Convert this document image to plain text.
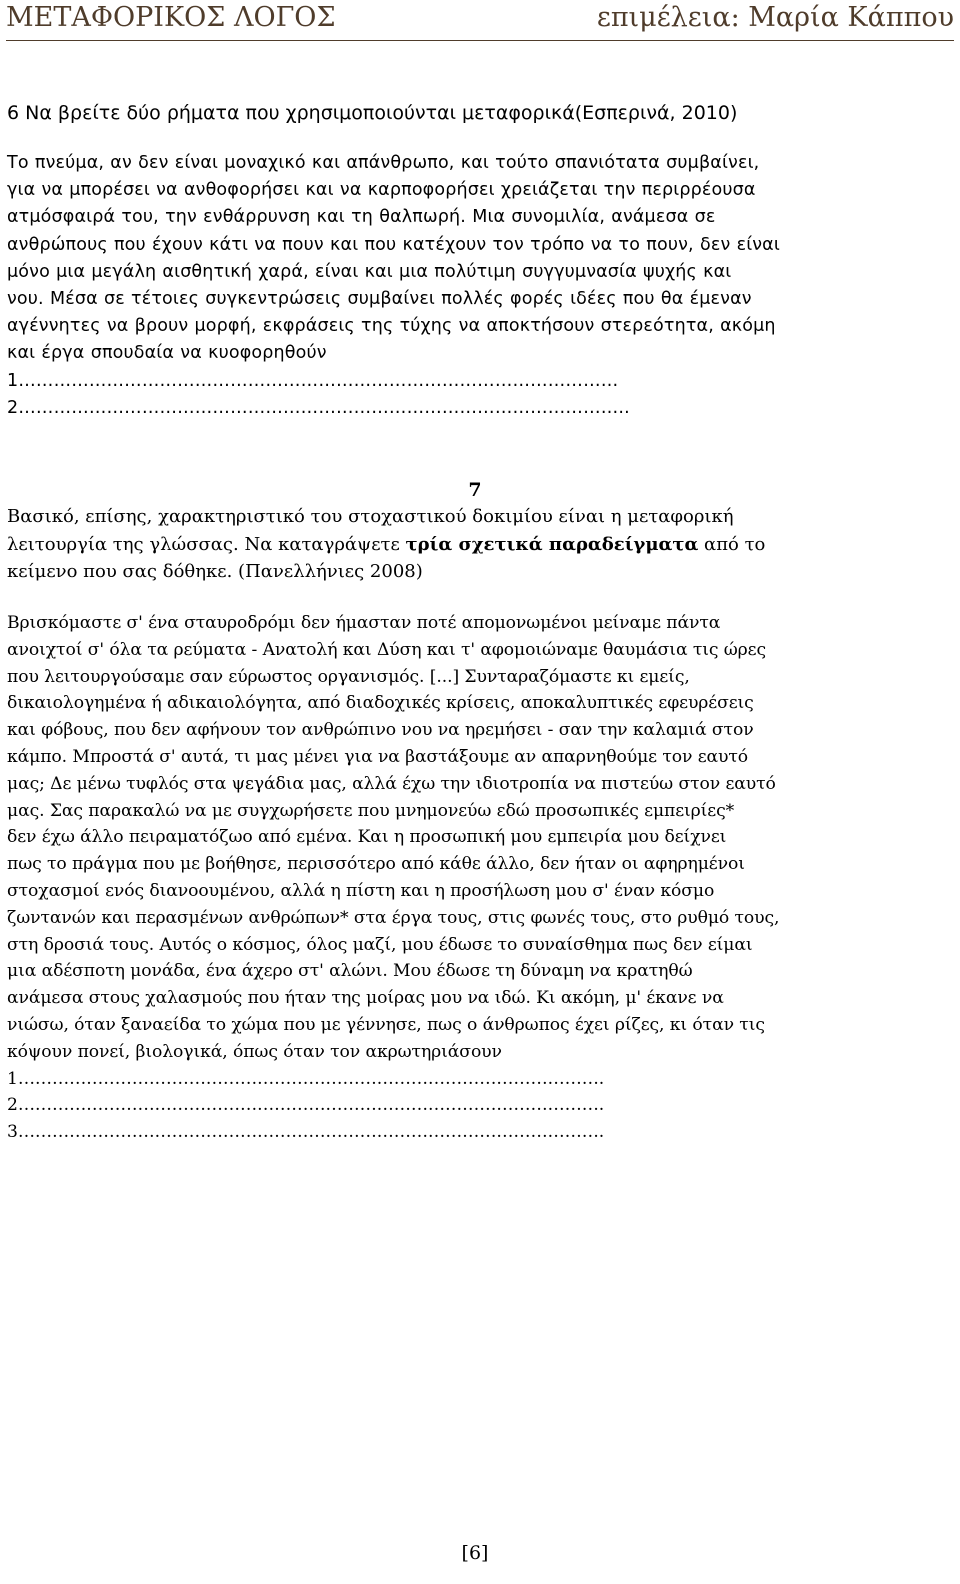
ΜΕΤΑΦΟΡΙΚΟΣ ΛΟΓΟΣ	επιμέλεια: Μαρία Κάππου
6 Να βρείτε δύο ρήματα που χρησιμοποιούνται μεταφορικά(Εσπερινά, 2010)
Το πνεύμα, αν δεν είναι μοναχικό και απάνθρωπο, και τούτο σπανιότατα συμβαίνει,
για να μπορέσει να ανθοφορήσει και να καρποφορήσει χρειάζεται την περιρρέουσα
ατμόσφαιρά του, την ενθάρρυνση και τη θαλπωρή. Μια συνομιλία, ανάμεσα σε
ανθρώπους που έχουν κάτι να πουν και που κατέχουν τον τρόπο να το πουν, δεν είναι
μόνο μια μεγάλη αισθητική χαρά, είναι και μια πολύτιμη συγγυμνασία ψυχής και
νου. Μέσα σε τέτοιες συγκεντρώσεις συμβαίνει πολλές φορές ιδέες που θα έμεναν
αγέννητες να βρουν μορφή, εκφράσεις της τύχης να αποκτήσουν στερεότητα, ακόμη
και έργα σπουδαία να κυοφορηθούν
1…………………………………………………………………………………………
2…………………………………………………………………………………………..
7
Βασικό, επίσης, χαρακτηριστικό του στοχαστικού δοκιμίου είναι η μεταφορική
λειτουργία της γλώσσας. Να καταγράψετε τρία σχετικά παραδείγματα από το
κείμενο που σας δόθηκε. (Πανελλήνιες 2008)
Βρισκόμαστε σ' ένα σταυροδρόμι δεν ήμασταν ποτέ απομονωμένοι μείναμε πάντα
ανοιχτοί σ' όλα τα ρεύματα - Ανατολή και Δύση και τ' αφομοιώναμε θαυμάσια τις ώρες
που λειτουργούσαμε σαν εύρωστος οργανισμός. [...] Συνταραζόμαστε κι εμείς,
δικαιολογημένα ή αδικαιολόγητα, από διαδοχικές κρίσεις, αποκαλυπτικές εφευρέσεις
και φόβους, που δεν αφήνουν τον ανθρώπινο νου να ηρεμήσει - σαν την καλαμιά στον
κάμπο. Μπροστά σ' αυτά, τι μας μένει για να βαστάξουμε αν απαρνηθούμε τον εαυτό
μας; Δε μένω τυφλός στα ψεγάδια μας, αλλά έχω την ιδιοτροπία να πιστεύω στον εαυτό
μας. Σας παρακαλώ να με συγχωρήσετε που μνημονεύω εδώ προσωπικές εμπειρίες*
δεν έχω άλλο πειραματόζωο από εμένα. Και η προσωπική μου εμπειρία μου δείχνει
πως το πράγμα που με βοήθησε, περισσότερο από κάθε άλλο, δεν ήταν οι αφηρημένοι
στοχασμοί ενός διανοουμένου, αλλά η πίστη και η προσήλωση μου σ' έναν κόσμο
ζωντανών και περασμένων ανθρώπων* στα έργα τους, στις φωνές τους, στο ρυθμό τους,
στη δροσιά τους. Αυτός ο κόσμος, όλος μαζί, μου έδωσε το συναίσθημα πως δεν είμαι
μια αδέσποτη μονάδα, ένα άχερο στ' αλώνι. Μου έδωσε τη δύναμη να κρατηθώ
ανάμεσα στους χαλασμούς που ήταν της μοίρας μου να ιδώ. Κι ακόμη, μ' έκανε να
νιώσω, όταν ξαναείδα το χώμα που με γέννησε, πως ο άνθρωπος έχει ρίζες, κι όταν τις
κόψουν πονεί, βιολογικά, όπως όταν τον ακρωτηριάσουν
1………………………………………………………………………………………….
2………………………………………………………………………………………….
3………………………………………………………………………………………….
[6]
